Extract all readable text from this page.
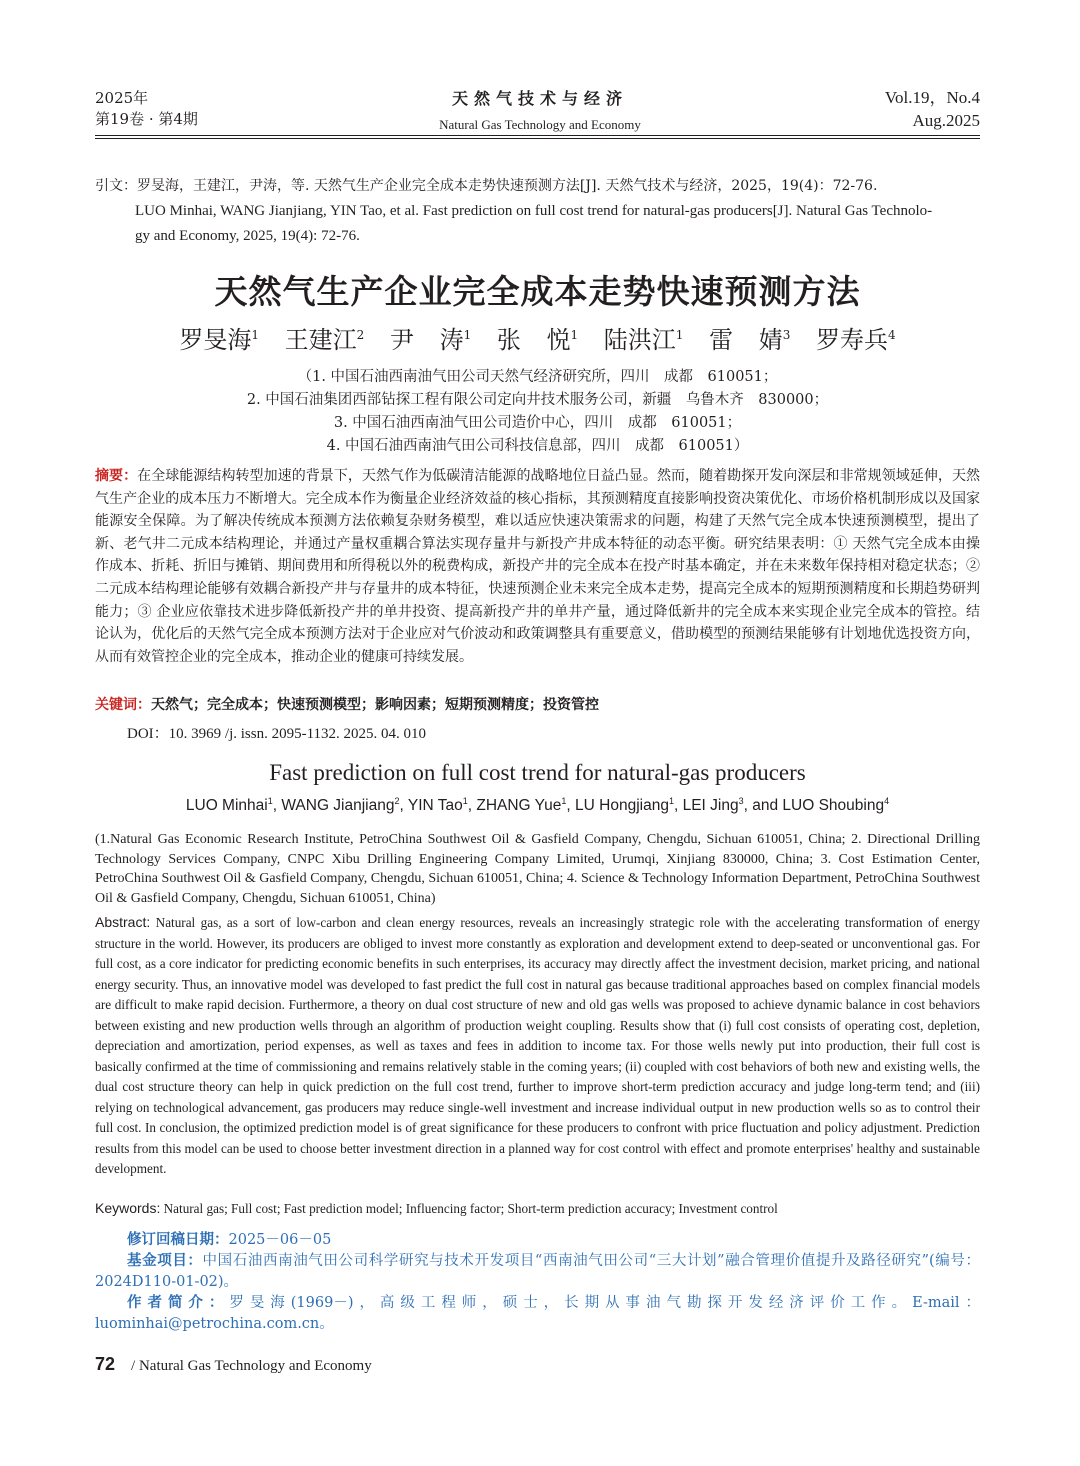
2025年
第19卷 · 第4期
天然气技术与经济
Natural Gas Technology and Economy
Vol.19，No.4
Aug.2025
引文：罗旻海，王建江，尹涛，等. 天然气生产企业完全成本走势快速预测方法[J]. 天然气技术与经济，2025，19(4)：72-76.
LUO Minhai, WANG Jianjiang, YIN Tao, et al. Fast prediction on full cost trend for natural-gas producers[J]. Natural Gas Technolo-
gy and Economy, 2025, 19(4): 72-76.
天然气生产企业完全成本走势快速预测方法
罗旻海$^1$ 王建江$^2$ 尹 涛$^1$ 张 悦$^1$ 陆洪江$^1$ 雷 婧$^3$ 罗寿兵$^4$
（1. 中国石油西南油气田公司天然气经济研究所，四川　成都　610051；
2. 中国石油集团西部钻探工程有限公司定向井技术服务公司，新疆　乌鲁木齐　830000；
3. 中国石油西南油气田公司造价中心，四川　成都　610051；
4. 中国石油西南油气田公司科技信息部，四川　成都　610051）
摘要：在全球能源结构转型加速的背景下，天然气作为低碳清洁能源的战略地位日益凸显。然而，随着勘探开发向深层和非常规领域延伸，天然气生产企业的成本压力不断增大。完全成本作为衡量企业经济效益的核心指标，其预测精度直接影响投资决策优化、市场价格机制形成以及国家能源安全保障。为了解决传统成本预测方法依赖复杂财务模型，难以适应快速决策需求的问题，构建了天然气完全成本快速预测模型，提出了新、老气井二元成本结构理论，并通过产量权重耦合算法实现存量井与新投产井成本特征的动态平衡。研究结果表明：① 天然气完全成本由操作成本、折耗、折旧与摊销、期间费用和所得税以外的税费构成，新投产井的完全成本在投产时基本确定，并在未来数年保持相对稳定状态；② 二元成本结构理论能够有效耦合新投产井与存量井的成本特征，快速预测企业未来完全成本走势，提高完全成本的短期预测精度和长期趋势研判能力；③ 企业应依靠技术进步降低新投产井的单井投资、提高新投产井的单井产量，通过降低新井的完全成本来实现企业完全成本的管控。结论认为，优化后的天然气完全成本预测方法对于企业应对气价波动和政策调整具有重要意义，借助模型的预测结果能够有计划地优选投资方向，从而有效管控企业的完全成本，推动企业的健康可持续发展。
关键词：天然气；完全成本；快速预测模型；影响因素；短期预测精度；投资管控
DOI：10. 3969 /j. issn. 2095-1132. 2025. 04. 010
Fast prediction on full cost trend for natural-gas producers
LUO Minhai$^1$, WANG Jianjiang$^2$, YIN Tao$^1$, ZHANG Yue$^1$, LU Hongjiang$^1$, LEI Jing$^3$, and LUO Shoubing$^4$
(1.Natural Gas Economic Research Institute, PetroChina Southwest Oil & Gasfield Company, Chengdu, Sichuan 610051, China; 2. Directional Drilling Technology Services Company, CNPC Xibu Drilling Engineering Company Limited, Urumqi, Xinjiang 830000, China; 3. Cost Estimation Center, PetroChina Southwest Oil & Gasfield Company, Chengdu, Sichuan 610051, China; 4. Science & Technology Information Department, PetroChina Southwest Oil & Gasfield Company, Chengdu, Sichuan 610051, China)
Abstract: Natural gas, as a sort of low-carbon and clean energy resources, reveals an increasingly strategic role with the accelerating transformation of energy structure in the world. However, its producers are obliged to invest more constantly as exploration and development extend to deep-seated or unconventional gas. For full cost, as a core indicator for predicting economic benefits in such enterprises, its accuracy may directly affect the investment decision, market pricing, and national energy security. Thus, an innovative model was developed to fast predict the full cost in natural gas because traditional approaches based on complex financial models are difficult to make rapid decision. Furthermore, a theory on dual cost structure of new and old gas wells was proposed to achieve dynamic balance in cost behaviors between existing and new production wells through an algorithm of production weight coupling. Results show that (i) full cost consists of operating cost, depletion, depreciation and amortization, period expenses, as well as taxes and fees in addition to income tax. For those wells newly put into production, their full cost is basically confirmed at the time of commissioning and remains relatively stable in the coming years; (ii) coupled with cost behaviors of both new and existing wells, the dual cost structure theory can help in quick prediction on the full cost trend, further to improve short-term prediction accuracy and judge long-term tend; and (iii) relying on technological advancement, gas producers may reduce single-well investment and increase individual output in new production wells so as to control their full cost. In conclusion, the optimized prediction model is of great significance for these producers to confront with price fluctuation and policy adjustment. Prediction results from this model can be used to choose better investment direction in a planned way for cost control with effect and promote enterprises' healthy and sustainable development.
Keywords: Natural gas; Full cost; Fast prediction model; Influencing factor; Short-term prediction accuracy; Investment control

修订回稿日期：2025－06－05

基金项目：中国石油西南油气田公司科学研究与技术开发项目“西南油气田公司“三大计划”融合管理价值提升及路径研究”(编号：2024D110-01-02)。

作者简介：罗旻海(1969－)，高级工程师，硕士，长期从事油气勘探开发经济评价工作。E-mail：luominhai@petrochina.com.cn。

72 / Natural Gas Technology and Economy
